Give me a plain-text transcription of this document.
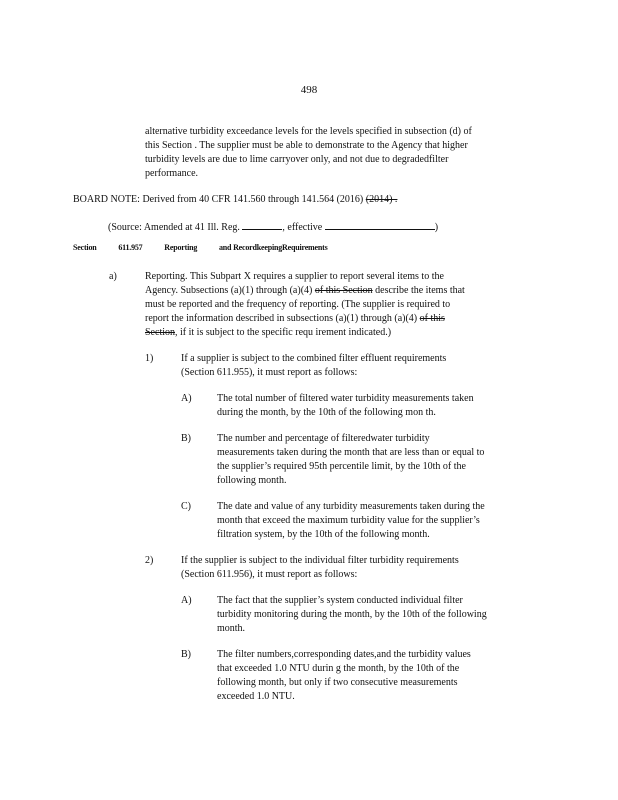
498
alternative turbidity exceedance levels for the levels specified in subsection (d) of
this Section . The supplier must be able to demonstrate to the Agency that higher
turbidity levels are due to lime carryover only, and not due to degradedfilter
performance.
BOARD NOTE: Derived from 40 CFR 141.560 through 141.564 (2016) (2014) .
(Source: Amended at 41 Ill. Reg.	, effective	)
Section	611.957	Reporting	and RecordkeepingRequirements
a)	Reporting. This Subpart X requires a supplier to report several items to the
Agency. Subsections (a)(1) through (a)(4) of this Section describe the items that
must be reported and the frequency of reporting. (The supplier is required to
report the information described in subsections (a)(1) through (a)(4) of this
Section, if it is subject to the specific requ irement indicated.)
1)	If a supplier is subject to the combined filter effluent requirements
(Section 611.955), it must report as follows:
A)	The total number of filtered water turbidity measurements taken
during the month, by the 10th of the following mon th.
B)	The number and percentage of filteredwater turbidity
measurements taken during the month that are less than or equal to
the supplier’s required 95th percentile limit, by the 10th of the
following month.
C)	The date and value of any turbidity measurements taken during the
month that exceed the maximum turbidity value for the supplier’s
filtration system, by the 10th of the following month.
2)	If the supplier is subject to the individual filter turbidity requirements
(Section 611.956), it must report as follows:
A)	The fact that the supplier’s system conducted individual filter
turbidity monitoring during the month, by the 10th of the following
month.
B)	The filter numbers,corresponding dates,and the turbidity values
that exceeded 1.0 NTU durin g the month, by the 10th of the
following month, but only if two consecutive measurements
exceeded 1.0 NTU.
